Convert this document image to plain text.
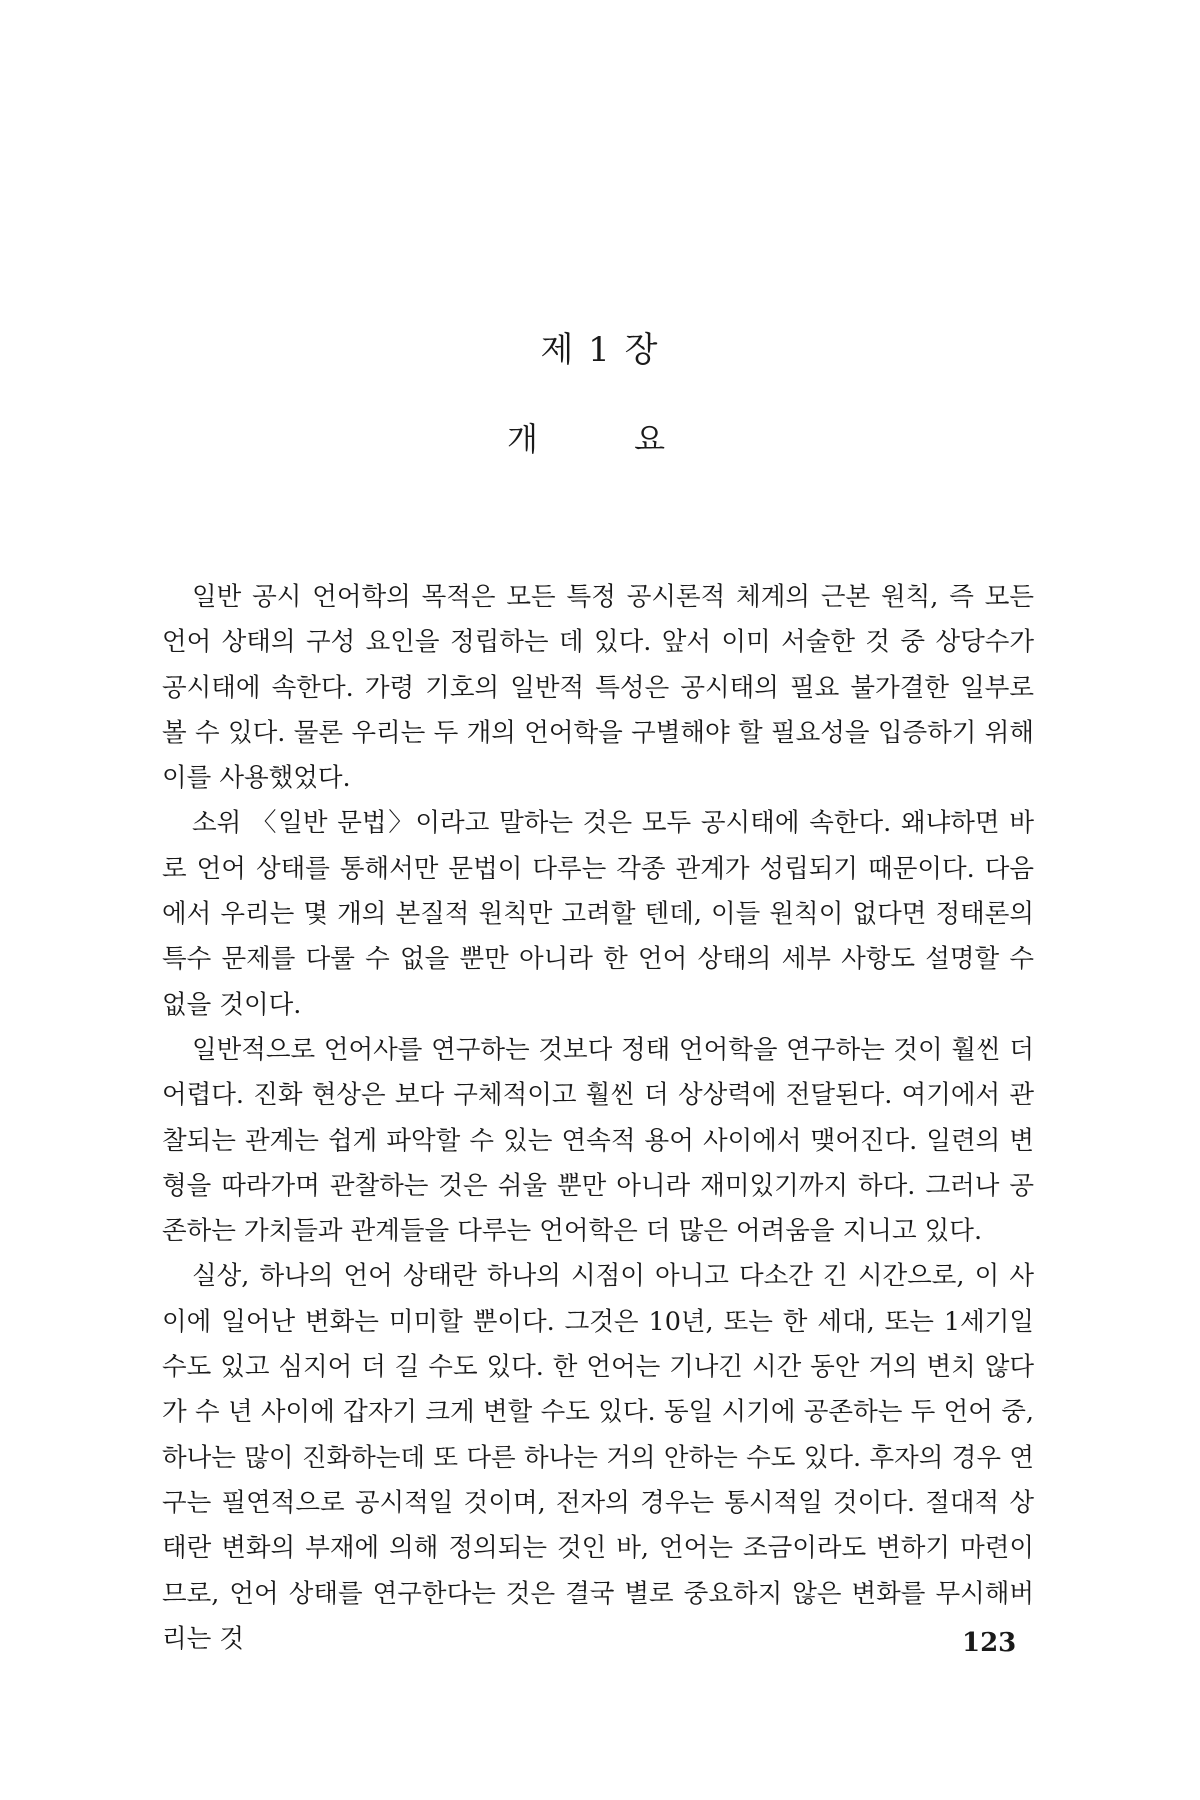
제 1 장
개 요

일반 공시 언어학의 목적은 모든 특정 공시론적 체계의 근본 원칙, 즉 모든 언어 상태의 구성 요인을 정립하는 데 있다. 앞서 이미 서술한 것 중 상당수가 공시태에 속한다. 가령 기호의 일반적 특성은 공시태의 필요 불가결한 일부로 볼 수 있다. 물론 우리는 두 개의 언어학을 구별해야 할 필요성을 입증하기 위해 이를 사용했었다.

소위 〈일반 문법〉이라고 말하는 것은 모두 공시태에 속한다. 왜냐하면 바로 언어 상태를 통해서만 문법이 다루는 각종 관계가 성립되기 때문이다. 다음에서 우리는 몇 개의 본질적 원칙만 고려할 텐데, 이들 원칙이 없다면 정태론의 특수 문제를 다룰 수 없을 뿐만 아니라 한 언어 상태의 세부 사항도 설명할 수 없을 것이다.

일반적으로 언어사를 연구하는 것보다 정태 언어학을 연구하는 것이 훨씬 더 어렵다. 진화 현상은 보다 구체적이고 훨씬 더 상상력에 전달된다. 여기에서 관찰되는 관계는 쉽게 파악할 수 있는 연속적 용어 사이에서 맺어진다. 일련의 변형을 따라가며 관찰하는 것은 쉬울 뿐만 아니라 재미있기까지 하다. 그러나 공존하는 가치들과 관계들을 다루는 언어학은 더 많은 어려움을 지니고 있다.

실상, 하나의 언어 상태란 하나의 시점이 아니고 다소간 긴 시간으로, 이 사이에 일어난 변화는 미미할 뿐이다. 그것은 10년, 또는 한 세대, 또는 1세기일 수도 있고 심지어 더 길 수도 있다. 한 언어는 기나긴 시간 동안 거의 변치 않다가 수 년 사이에 갑자기 크게 변할 수도 있다. 동일 시기에 공존하는 두 언어 중, 하나는 많이 진화하는데 또 다른 하나는 거의 안하는 수도 있다. 후자의 경우 연구는 필연적으로 공시적일 것이며, 전자의 경우는 통시적일 것이다. 절대적 상태란 변화의 부재에 의해 정의되는 것인 바, 언어는 조금이라도 변하기 마련이므로, 언어 상태를 연구한다는 것은 결국 별로 중요하지 않은 변화를 무시해버리는 것	123
